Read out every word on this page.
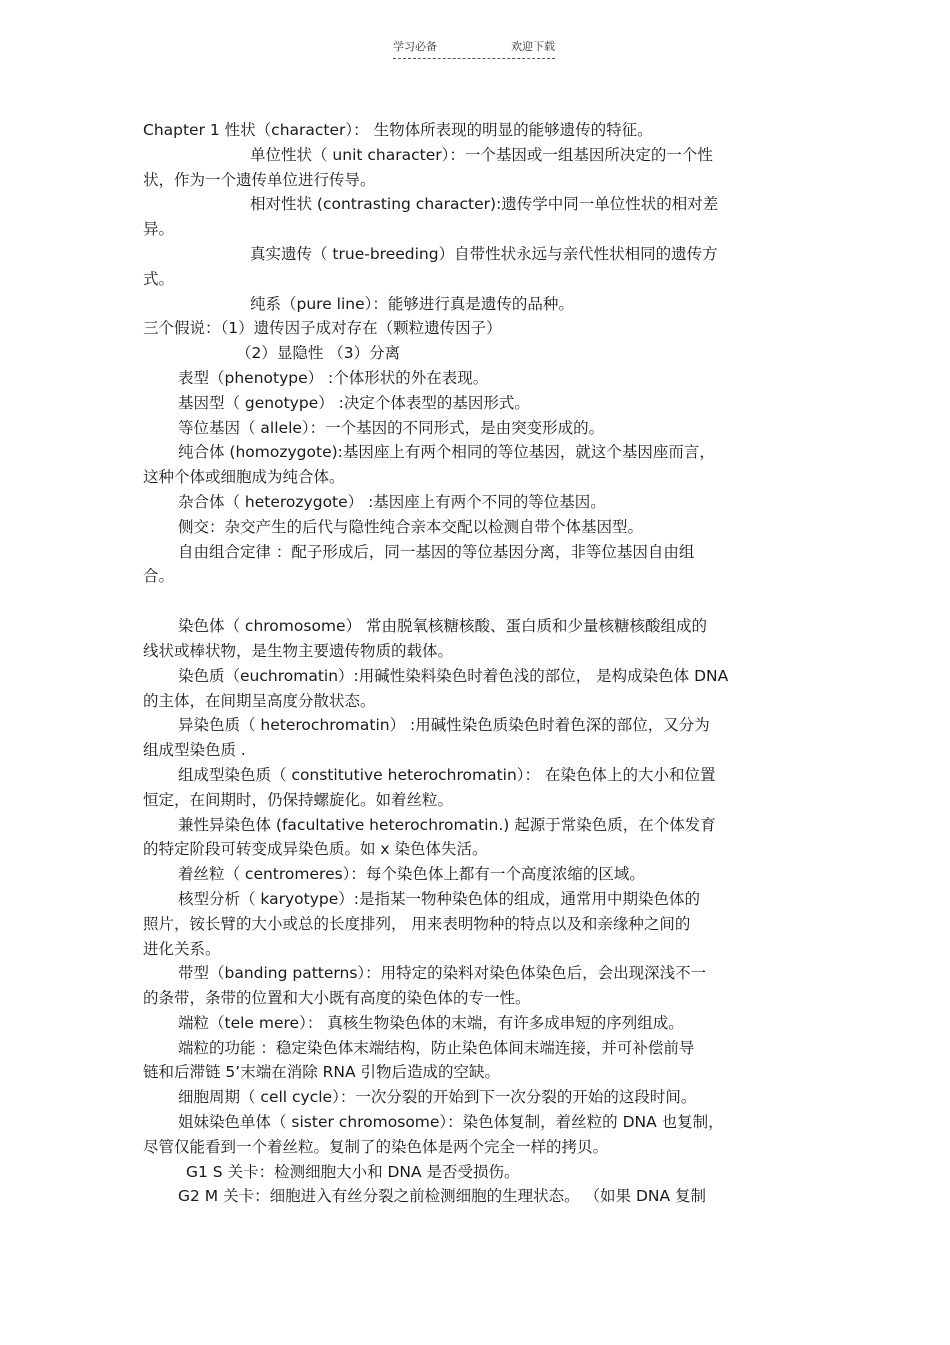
学习必备	欢迎下载
Chapter 1 性状（character）： 生物体所表现的明显的能够遗传的特征。
单位性状（ unit character）：一个基因或一组基因所决定的一个性
状，作为一个遗传单位进行传导。
相对性状 (contrasting character):遗传学中同一单位性状的相对差
异。
真实遗传（ true-breeding）自带性状永远与亲代性状相同的遗传方
式。
纯系（pure line）：能够进行真是遗传的品种。
三个假说：（1）遗传因子成对存在（颗粒遗传因子）
（2）显隐性 （3）分离
表型（phenotype） :个体形状的外在表现。
基因型（ genotype） :决定个体表型的基因形式。
等位基因（ allele）：一个基因的不同形式，是由突变形成的。
纯合体 (homozygote):基因座上有两个相同的等位基因，就这个基因座而言，
这种个体或细胞成为纯合体。
杂合体（ heterozygote） :基因座上有两个不同的等位基因。
侧交：杂交产生的后代与隐性纯合亲本交配以检测自带个体基因型。
自由组合定律 ：配子形成后，同一基因的等位基因分离，非等位基因自由组
合。
染色体（ chromosome） 常由脱氧核糖核酸、蛋白质和少量核糖核酸组成的
线状或棒状物，是生物主要遗传物质的载体。
染色质（euchromatin）:用碱性染料染色时着色浅的部位， 是构成染色体 DNA
的主体，在间期呈高度分散状态。
异染色质（ heterochromatin） :用碱性染色质染色时着色深的部位，又分为
组成型染色质 .
组成型染色质（ constitutive heterochromatin）： 在染色体上的大小和位置
恒定，在间期时，仍保持螺旋化。如着丝粒。
兼性异染色体 (facultative heterochromatin.) 起源于常染色质，在个体发育
的特定阶段可转变成异染色质。如 x 染色体失活。
着丝粒（ centromeres）：每个染色体上都有一个高度浓缩的区域。
核型分析（ karyotype）:是指某一物种染色体的组成，通常用中期染色体的
照片，铵长臂的大小或总的长度排列， 用来表明物种的特点以及和亲缘种之间的
进化关系。
带型（banding patterns）：用特定的染料对染色体染色后，会出现深浅不一
的条带，条带的位置和大小既有高度的染色体的专一性。
端粒（tele mere）： 真核生物染色体的末端，有许多成串短的序列组成。
端粒的功能 ：稳定染色体末端结构，防止染色体间末端连接，并可补偿前导
链和后滞链 5’末端在消除 RNA 引物后造成的空缺。
细胞周期（ cell cycle）：一次分裂的开始到下一次分裂的开始的这段时间。
姐妹染色单体（ sister chromosome）：染色体复制，着丝粒的 DNA 也复制，
尽管仅能看到一个着丝粒。复制了的染色体是两个完全一样的拷贝。
G1 S 关卡：检测细胞大小和 DNA 是否受损伤。
G2 M 关卡：细胞进入有丝分裂之前检测细胞的生理状态。 （如果 DNA 复制
